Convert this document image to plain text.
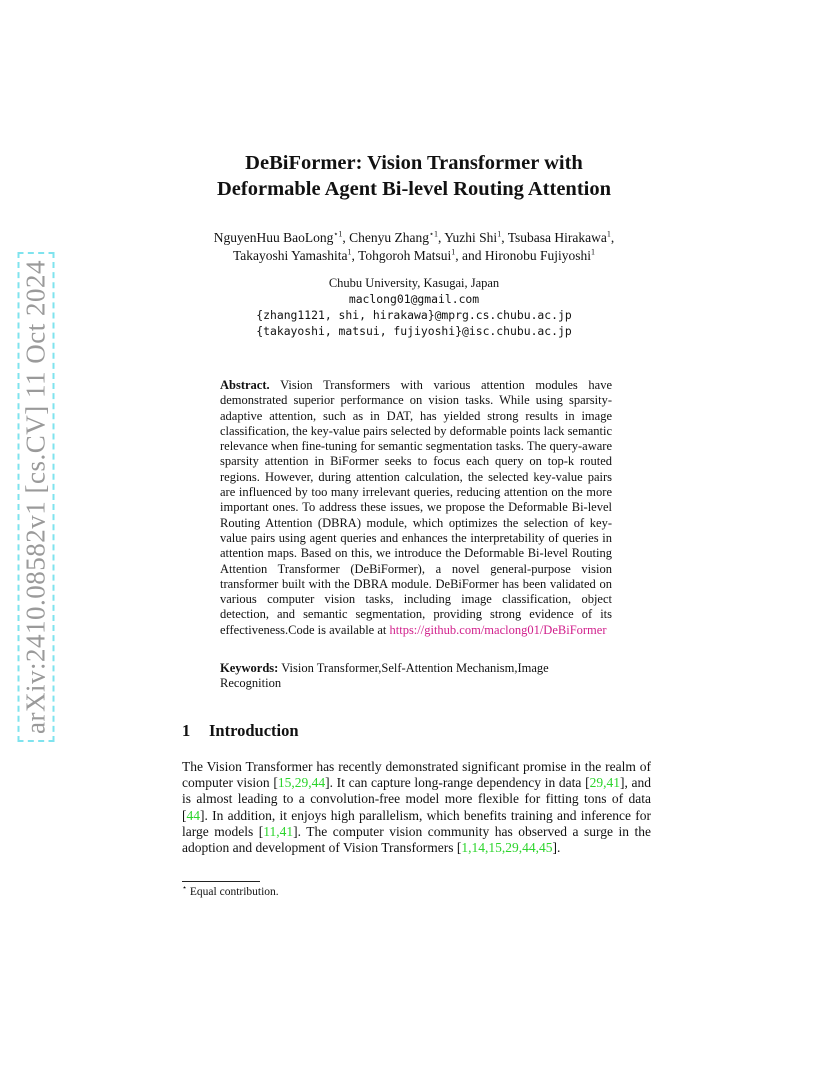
arXiv:2410.08582v1 [cs.CV] 11 Oct 2024
DeBiFormer: Vision Transformer with
Deformable Agent Bi-level Routing Attention
NguyenHuu BaoLong$^{⋆1}$, Chenyu Zhang$^{⋆1}$, Yuzhi Shi$^1$, Tsubasa Hirakawa$^1$,
Takayoshi Yamashita$^1$, Tohgoroh Matsui$^1$, and Hironobu Fujiyoshi$^1$
Chubu University, Kasugai, Japan
maclong01@gmail.com
{zhang1121, shi, hirakawa}@mprg.cs.chubu.ac.jp
{takayoshi, matsui, fujiyoshi}@isc.chubu.ac.jp
Abstract. Vision Transformers with various attention modules have demonstrated superior performance on vision tasks. While using sparsity-adaptive attention, such as in DAT, has yielded strong results in image classification, the key-value pairs selected by deformable points lack semantic relevance when fine-tuning for semantic segmentation tasks. The query-aware sparsity attention in BiFormer seeks to focus each query on top-k routed regions. However, during attention calculation, the selected key-value pairs are influenced by too many irrelevant queries, reducing attention on the more important ones. To address these issues, we propose the Deformable Bi-level Routing Attention (DBRA) module, which optimizes the selection of key-value pairs using agent queries and enhances the interpretability of queries in attention maps. Based on this, we introduce the Deformable Bi-level Routing Attention Transformer (DeBiFormer), a novel general-purpose vision transformer built with the DBRA module. DeBiFormer has been validated on various computer vision tasks, including image classification, object detection, and semantic segmentation, providing strong evidence of its effectiveness.Code is available at https://github.com/maclong01/DeBiFormer
Keywords: Vision Transformer,Self-Attention Mechanism,Image Recognition
1 Introduction
The Vision Transformer has recently demonstrated significant promise in the realm of computer vision [15,29,44]. It can capture long-range dependency in data [29,41], and is almost leading to a convolution-free model more flexible for fitting tons of data [44]. In addition, it enjoys high parallelism, which benefits training and inference for large models [11,41]. The computer vision community has observed a surge in the adoption and development of Vision Transformers [1,14,15,29,44,45].
⋆ Equal contribution.
